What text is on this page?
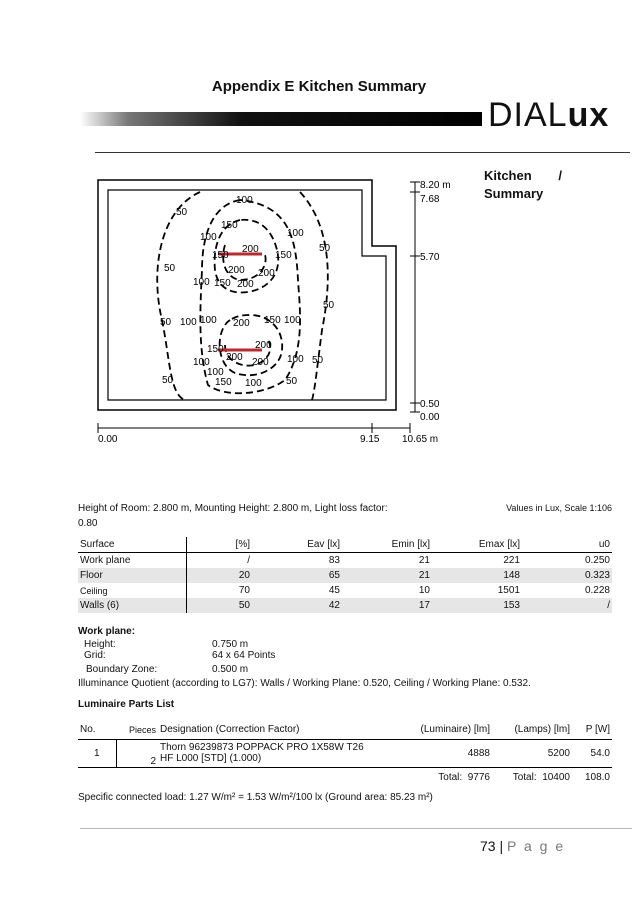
Appendix E Kitchen Summary
DIALux
Kitchen	/
Summary
50
100
150
100	100
200	50
150	150
50	200 200
100 150 200
50
100
50 100	200 150 100
150	200
200 200
100	100
100
50
50	150 100 50
8.20 m
7.68
5.70
0.50
0.00
0.00	9.15 10.65 m
Height of Room: 2.800 m, Mounting Height: 2.800 m, Light loss factor:
0.80
Values in Lux, Scale 1:106
Surface	[%]	Eav [lx]	Emin [lx]	Emax [lx]	u0
Work plane	/	83	21	221	0.250
Floor	20	65	21	148	0.323
Ceiling	70	45	10	1501	0.228
Walls (6)	50	42	17	153	/
Work plane:
Height:	0.750 m
Grid:	64 x 64 Points
Boundary Zone:	0.500 m
Illuminance Quotient (according to LG7): Walls / Working Plane: 0.520, Ceiling / Working Plane: 0.532.
Luminaire Parts List
No.	Pieces	Designation (Correction Factor)	(Luminaire) [lm]	(Lamps) [lm]	P [W]
1	2	Thorn 96239873 POPPACK PRO 1X58W T26
HF L000 [STD] (1.000)	4888	5200	54.0
			Total: 9776	Total: 10400	108.0
Specific connected load: 1.27 W/m² = 1.53 W/m²/100 lx (Ground area: 85.23 m²)
73 | P a g e
